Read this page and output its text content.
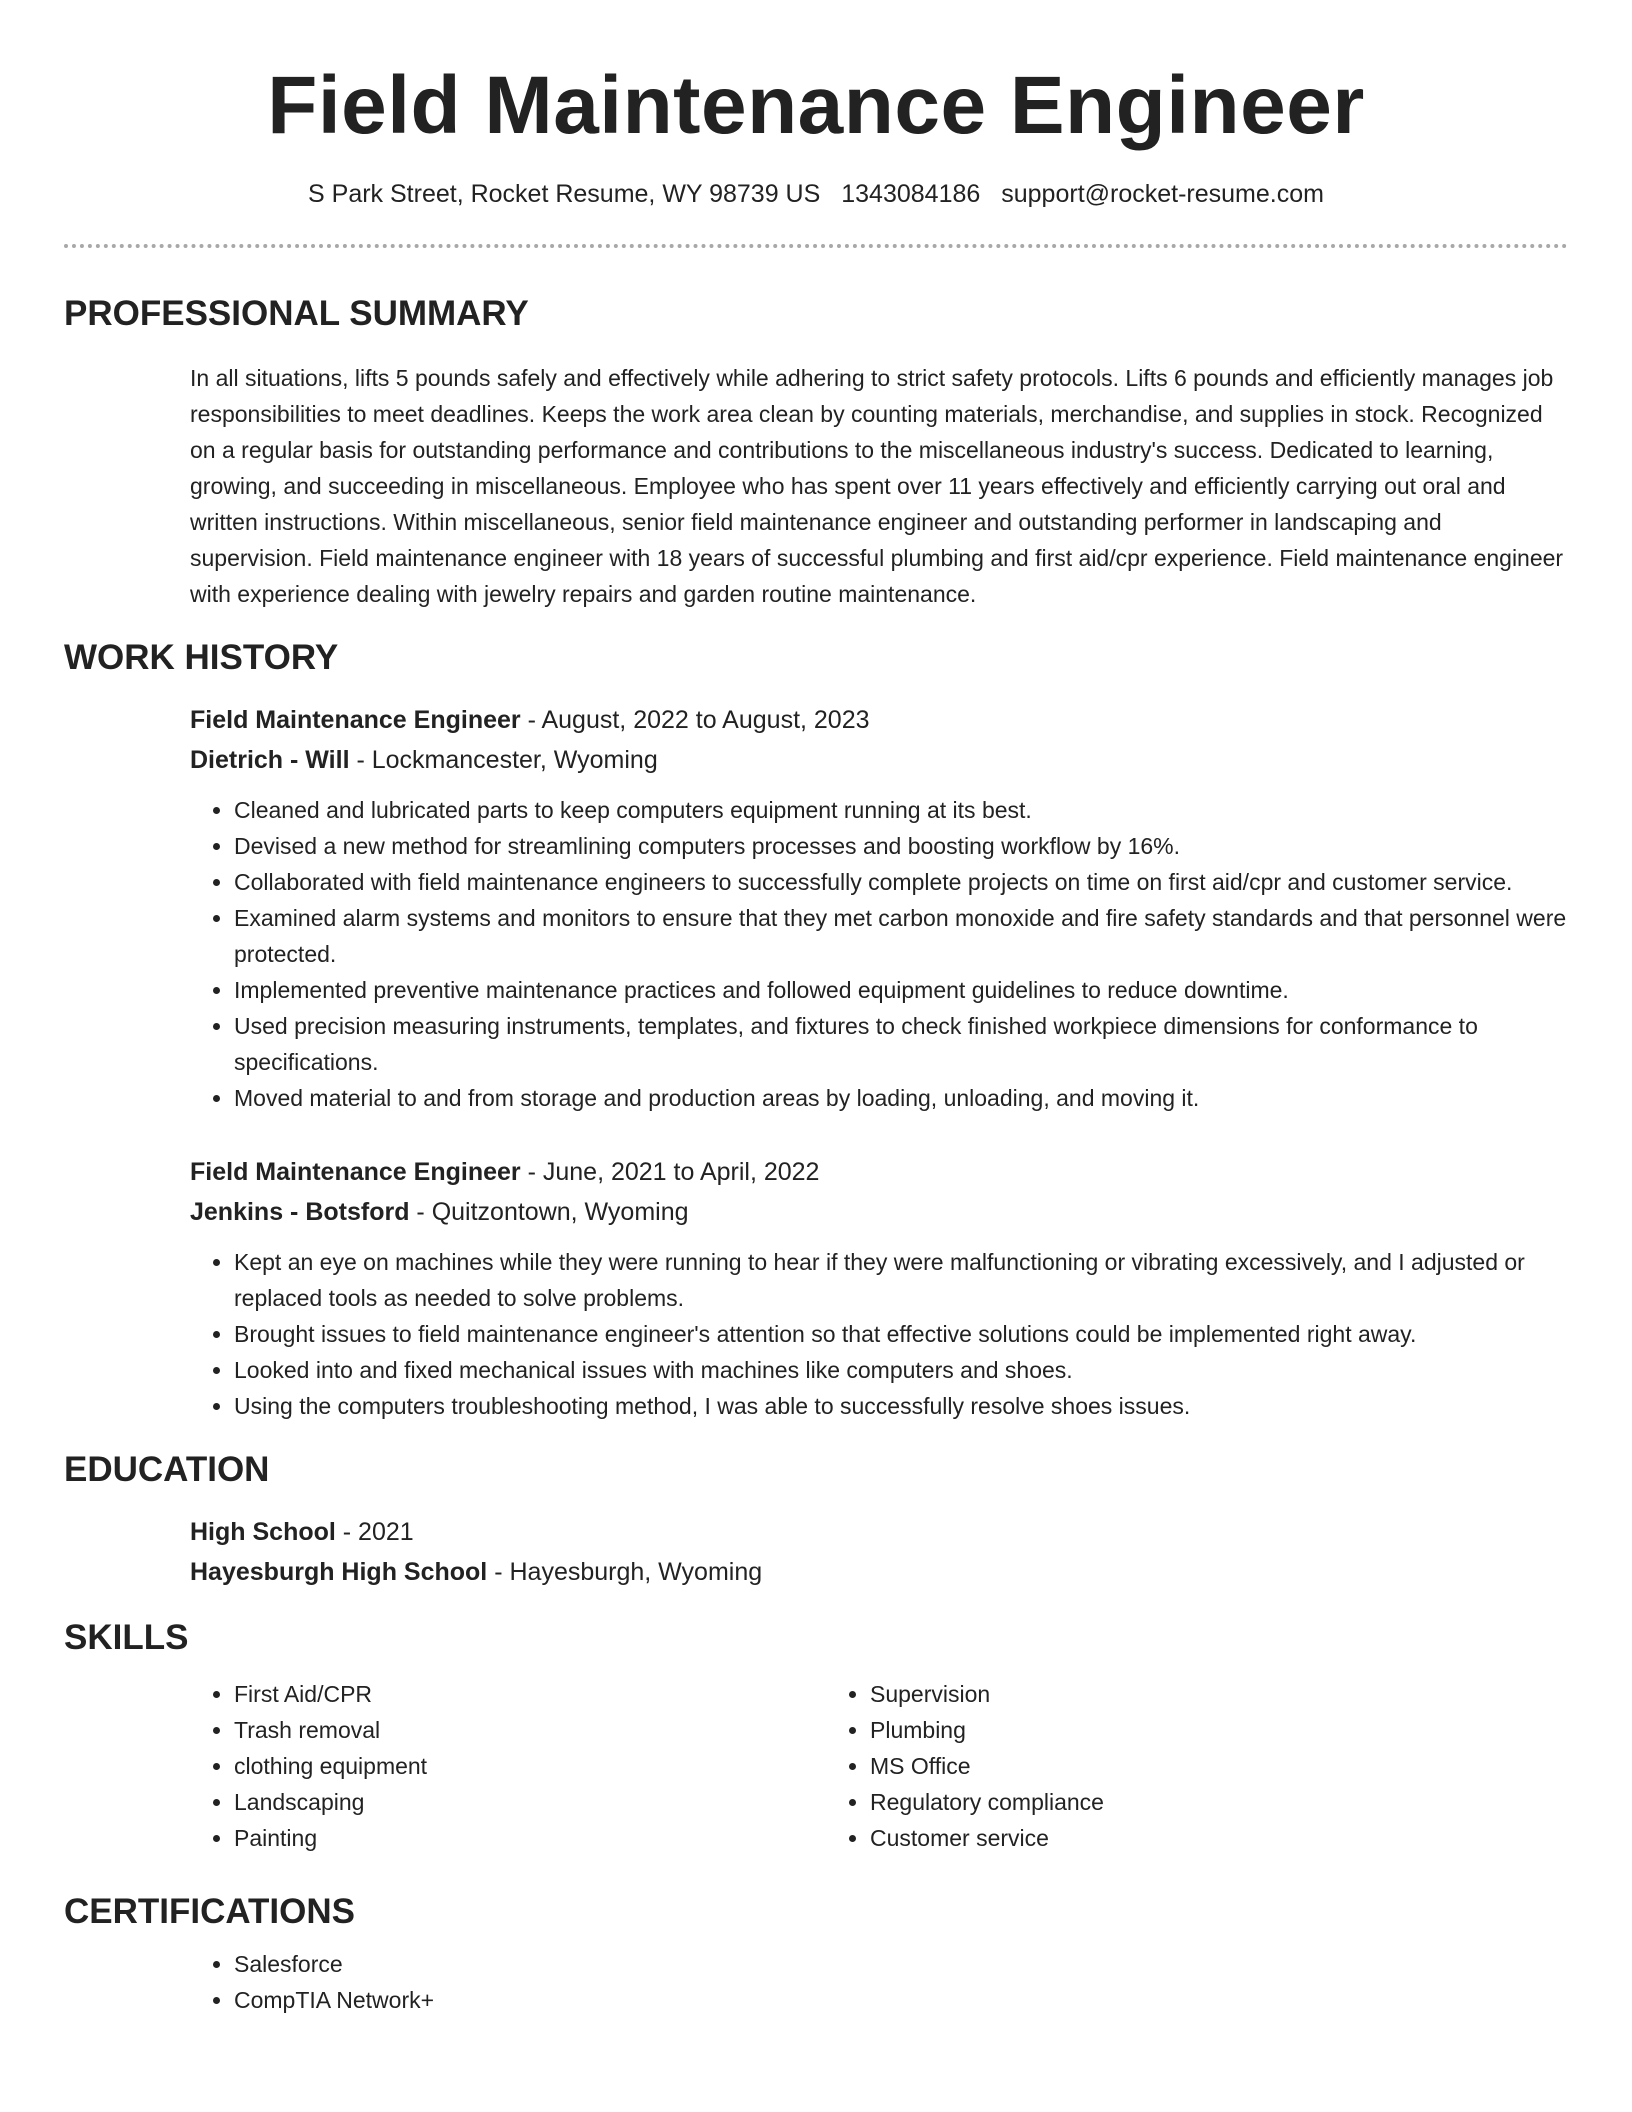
Field Maintenance Engineer
S Park Street, Rocket Resume, WY 98739 US 1343084186 support@rocket-resume.com
PROFESSIONAL SUMMARY
In all situations, lifts 5 pounds safely and effectively while adhering to strict safety protocols. Lifts 6 pounds and efficiently manages job responsibilities to meet deadlines. Keeps the work area clean by counting materials, merchandise, and supplies in stock. Recognized on a regular basis for outstanding performance and contributions to the miscellaneous industry's success. Dedicated to learning, growing, and succeeding in miscellaneous. Employee who has spent over 11 years effectively and efficiently carrying out oral and written instructions. Within miscellaneous, senior field maintenance engineer and outstanding performer in landscaping and supervision. Field maintenance engineer with 18 years of successful plumbing and first aid/cpr experience. Field maintenance engineer with experience dealing with jewelry repairs and garden routine maintenance.
WORK HISTORY
Field Maintenance Engineer - August, 2022 to August, 2023
Dietrich - Will - Lockmancester, Wyoming
• Cleaned and lubricated parts to keep computers equipment running at its best.
• Devised a new method for streamlining computers processes and boosting workflow by 16%.
• Collaborated with field maintenance engineers to successfully complete projects on time on first aid/cpr and customer service.
• Examined alarm systems and monitors to ensure that they met carbon monoxide and fire safety standards and that personnel were protected.
• Implemented preventive maintenance practices and followed equipment guidelines to reduce downtime.
• Used precision measuring instruments, templates, and fixtures to check finished workpiece dimensions for conformance to specifications.
• Moved material to and from storage and production areas by loading, unloading, and moving it.
Field Maintenance Engineer - June, 2021 to April, 2022
Jenkins - Botsford - Quitzontown, Wyoming
• Kept an eye on machines while they were running to hear if they were malfunctioning or vibrating excessively, and I adjusted or replaced tools as needed to solve problems.
• Brought issues to field maintenance engineer's attention so that effective solutions could be implemented right away.
• Looked into and fixed mechanical issues with machines like computers and shoes.
• Using the computers troubleshooting method, I was able to successfully resolve shoes issues.
EDUCATION
High School - 2021
Hayesburgh High School - Hayesburgh, Wyoming
SKILLS
• First Aid/CPR
• Trash removal
• clothing equipment
• Landscaping
• Painting
• Supervision
• Plumbing
• MS Office
• Regulatory compliance
• Customer service
CERTIFICATIONS
• Salesforce
• CompTIA Network+
